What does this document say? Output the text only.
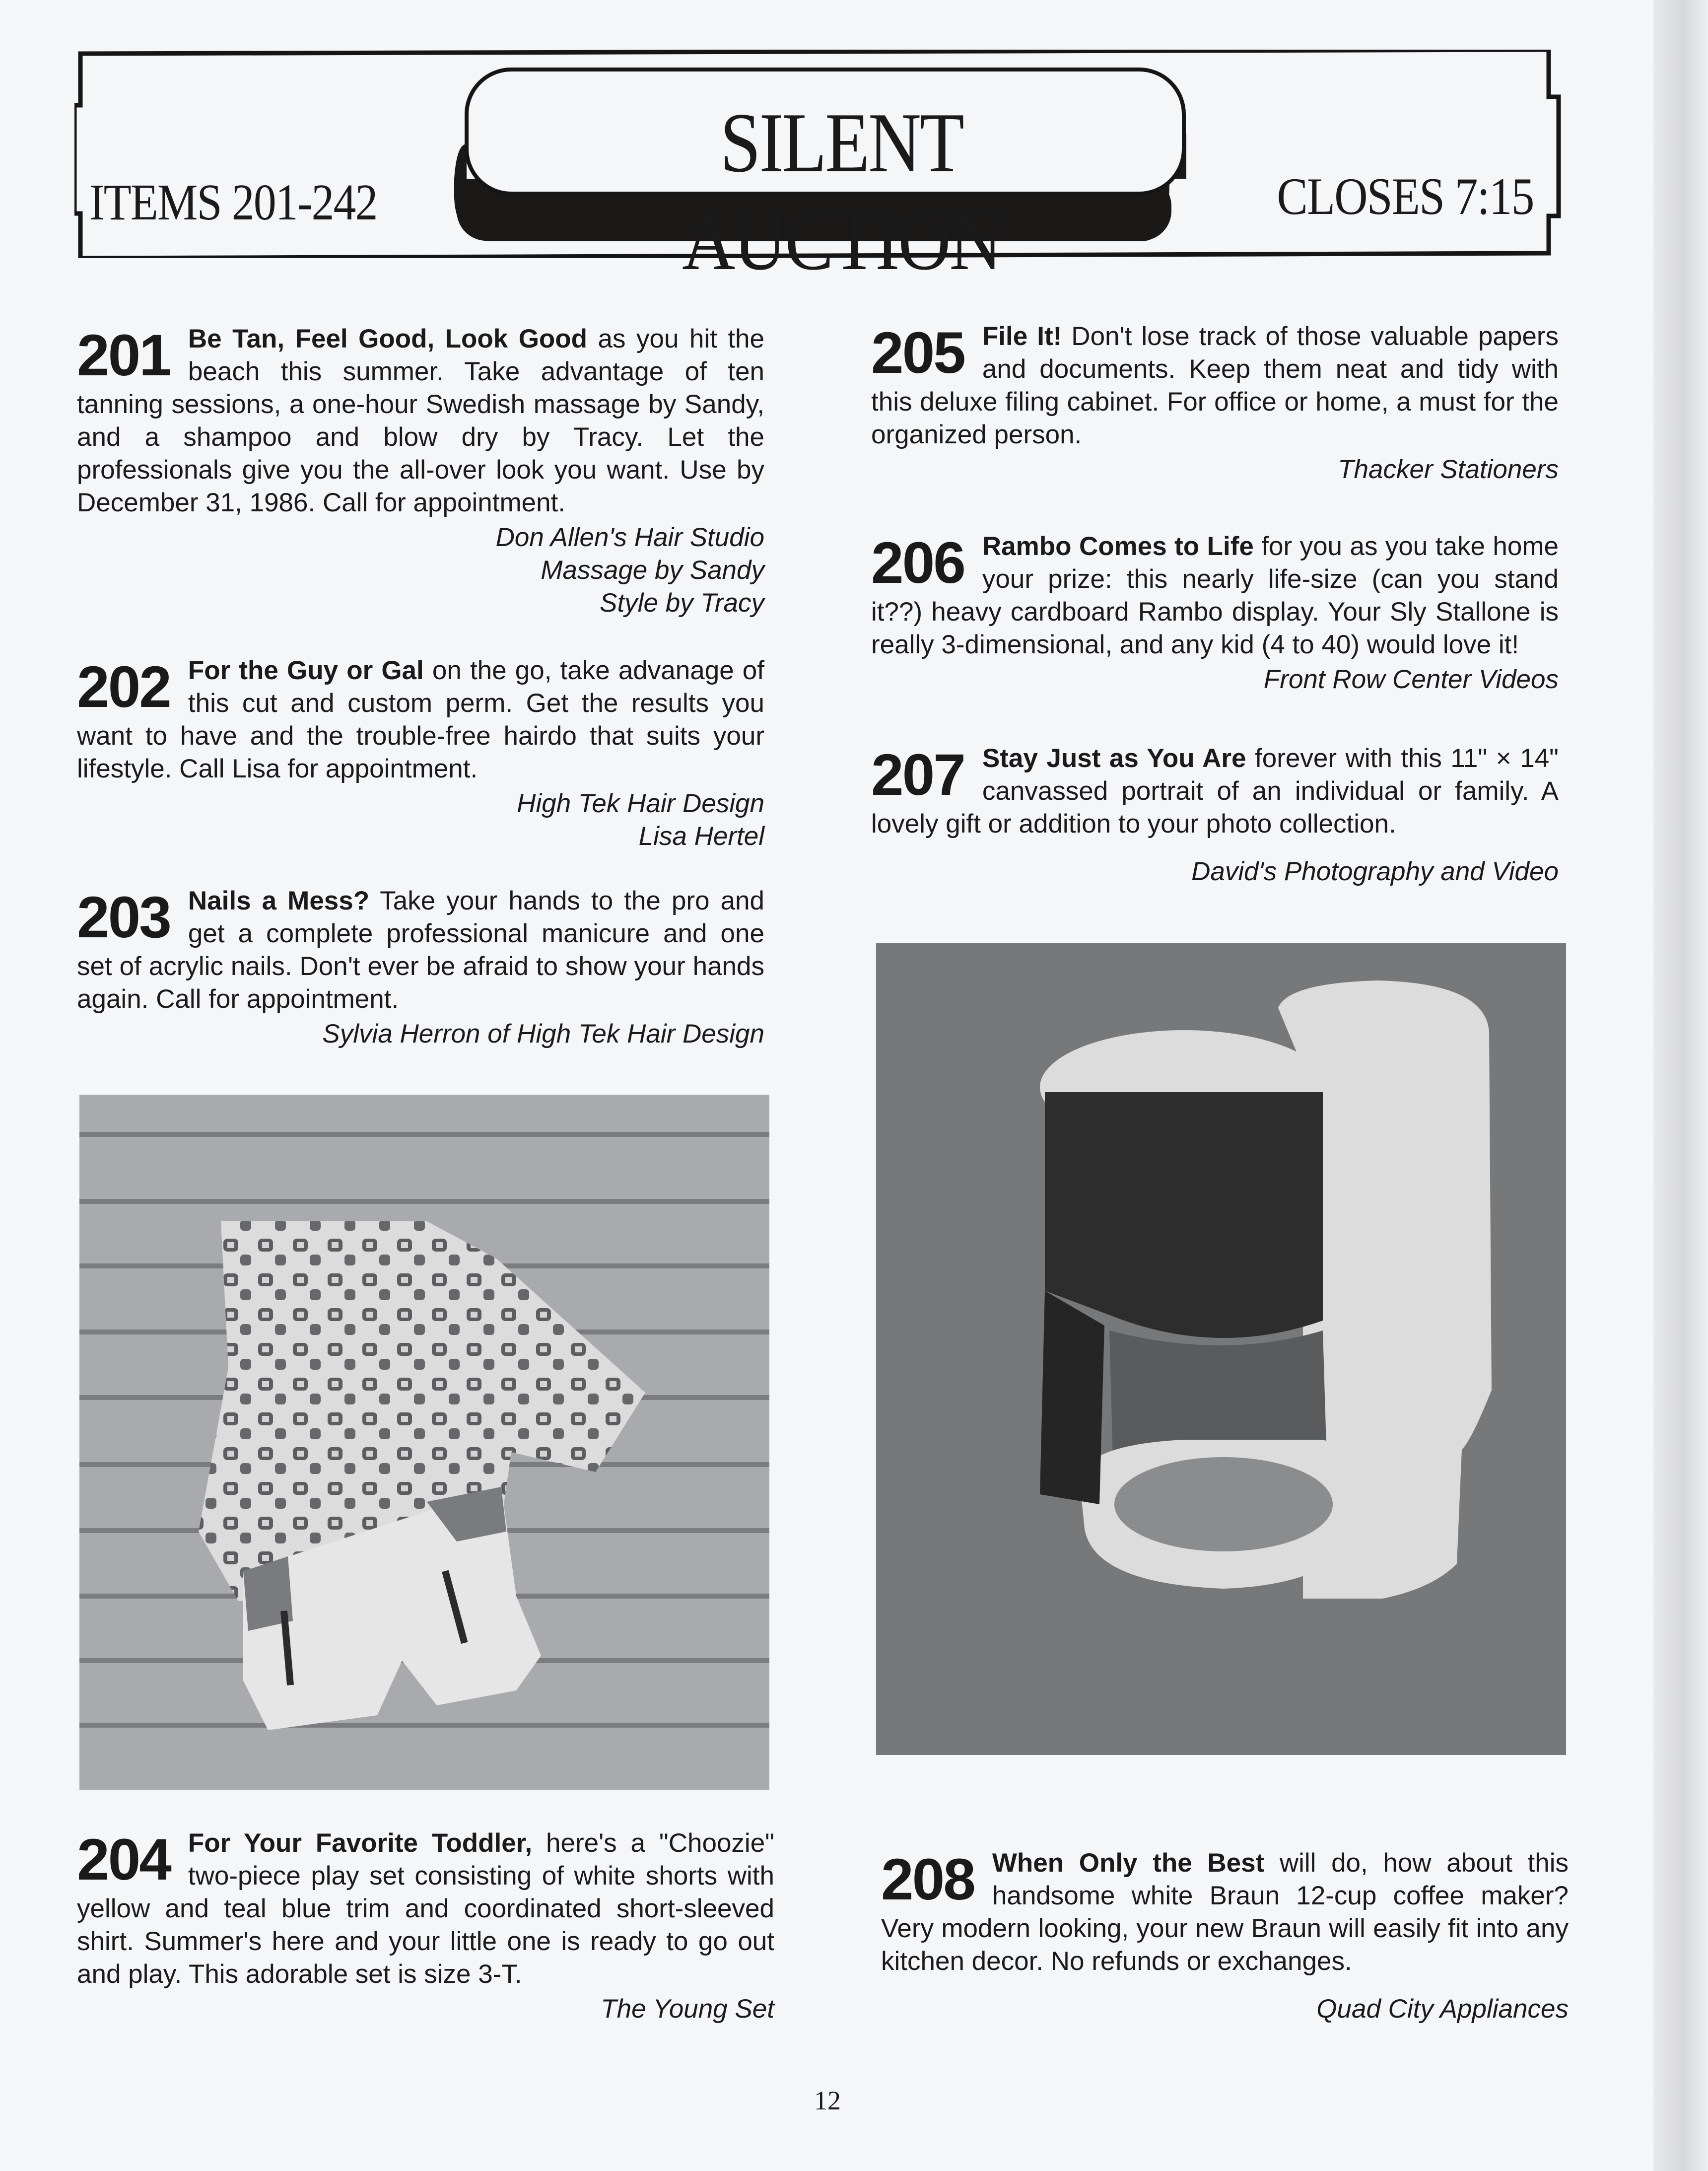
ITEMS 201-242
SILENT AUCTION	CLOSES 7:15
201 Be Tan, Feel Good, Look Good as you hit the beach this summer. Take advantage of ten tanning sessions, a one-hour Swedish massage by Sandy, and a shampoo and blow dry by Tracy. Let the professionals give you the all-over look you want. Use by December 31, 1986. Call for appointment.
Don Allen's Hair Studio
Massage by Sandy
Style by Tracy
202 For the Guy or Gal on the go, take advanage of this cut and custom perm. Get the results you want to have and the trouble-free hairdo that suits your lifestyle. Call Lisa for appointment.
High Tek Hair Design
Lisa Hertel
203 Nails a Mess? Take your hands to the pro and get a complete professional manicure and one set of acrylic nails. Don't ever be afraid to show your hands again. Call for appointment.
Sylvia Herron of High Tek Hair Design
204 For Your Favorite Toddler, here's a "Choozie" two-piece play set consisting of white shorts with yellow and teal blue trim and coordinated short-sleeved shirt. Summer's here and your little one is ready to go out and play. This adorable set is size 3-T.
The Young Set
205 File It! Don't lose track of those valuable papers and documents. Keep them neat and tidy with this deluxe filing cabinet. For office or home, a must for the organized person.
Thacker Stationers
206 Rambo Comes to Life for you as you take home your prize: this nearly life-size (can you stand it??) heavy cardboard Rambo display. Your Sly Stallone is really 3-dimensional, and any kid (4 to 40) would love it!
Front Row Center Videos
207 Stay Just as You Are forever with this 11" × 14" canvassed portrait of an individual or family. A lovely gift or addition to your photo collection.
David's Photography and Video
208 When Only the Best will do, how about this handsome white Braun 12-cup coffee maker? Very modern looking, your new Braun will easily fit into any kitchen decor. No refunds or exchanges.
Quad City Appliances
12
